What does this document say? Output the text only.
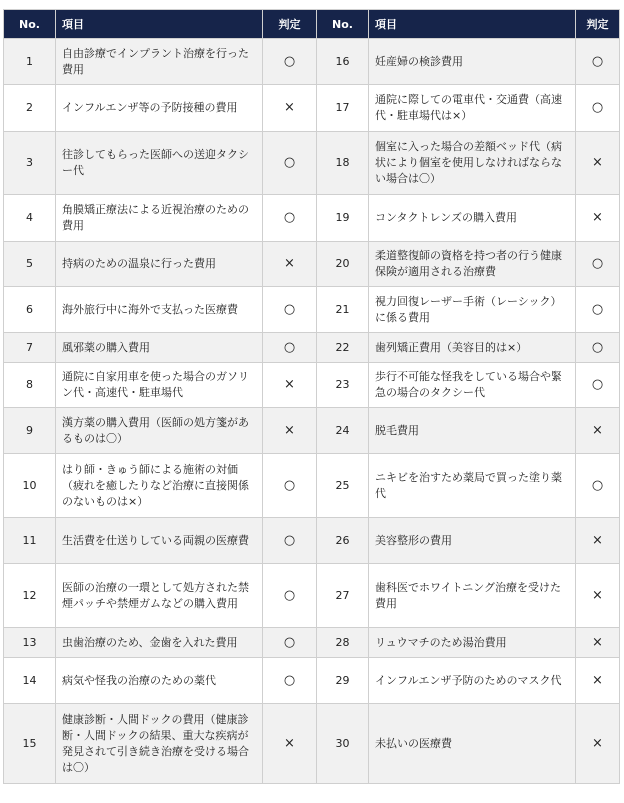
No.	項目	判定	No.	項目	判定
1	自由診療でインプラント治療を行った費用	○	16	妊産婦の検診費用	○
2	インフルエンザ等の予防接種の費用	×	17	通院に際しての電車代・交通費（高速代・駐車場代は×）	○
3	往診してもらった医師への送迎タクシー代	○	18	個室に入った場合の差額ベッド代（病状により個室を使用しなければならない場合は〇）	×
4	角膜矯正療法による近視治療のための費用	○	19	コンタクトレンズの購入費用	×
5	持病のための温泉に行った費用	×	20	柔道整復師の資格を持つ者の行う健康保険が適用される治療費	○
6	海外旅行中に海外で支払った医療費	○	21	視力回復レーザー手術（レーシック）に係る費用	○
7	風邪薬の購入費用	○	22	歯列矯正費用（美容目的は×）	○
8	通院に自家用車を使った場合のガソリン代・高速代・駐車場代	×	23	歩行不可能な怪我をしている場合や緊急の場合のタクシー代	○
9	漢方薬の購入費用（医師の処方箋があるものは〇）	×	24	脱毛費用	×
10	はり師・きゅう師による施術の対価（疲れを癒したりなど治療に直接関係のないものは×）	○	25	ニキビを治すため薬局で買った塗り薬代	○
11	生活費を仕送りしている両親の医療費	○	26	美容整形の費用	×
12	医師の治療の一環として処方された禁煙パッチや禁煙ガムなどの購入費用	○	27	歯科医でホワイトニング治療を受けた費用	×
13	虫歯治療のため、金歯を入れた費用	○	28	リュウマチのため湯治費用	×
14	病気や怪我の治療のための薬代	○	29	インフルエンザ予防のためのマスク代	×
15	健康診断・人間ドックの費用（健康診断・人間ドックの結果、重大な疾病が発見されて引き続き治療を受ける場合は〇）	×	30	未払いの医療費	×
